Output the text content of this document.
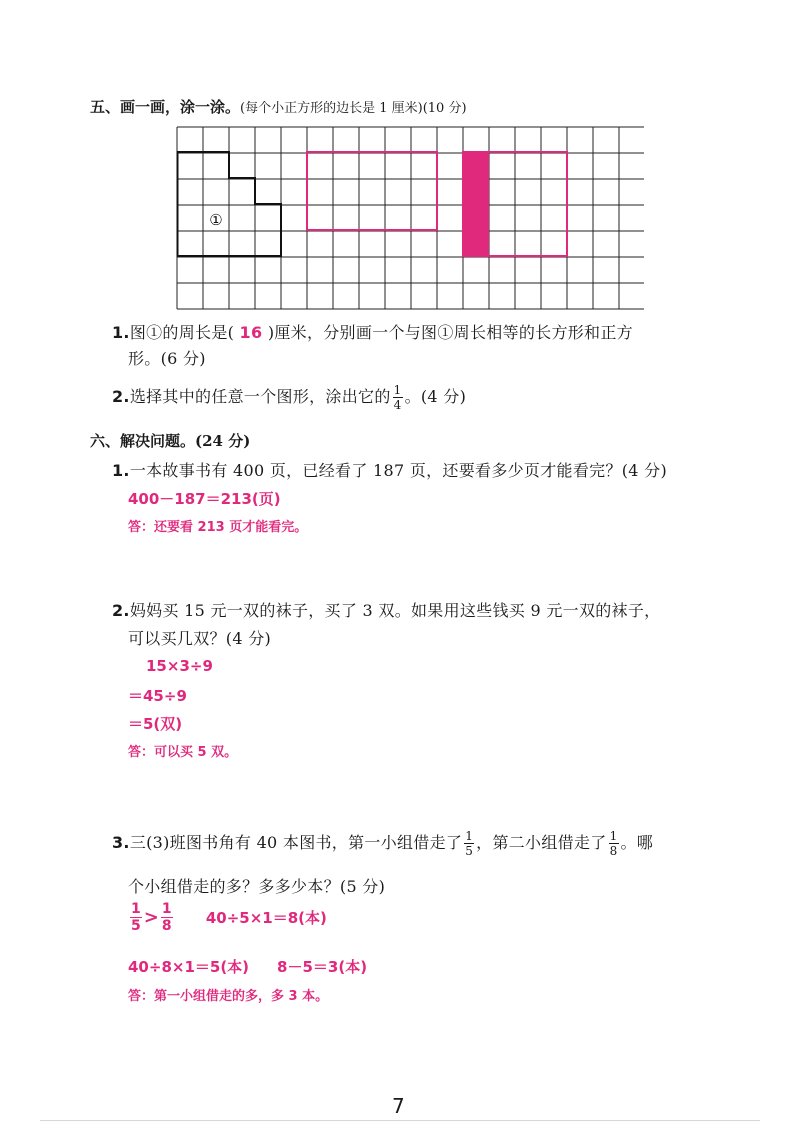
五、画一画，涂一涂。(每个小正方形的边长是 1 厘米)(10 分)
①
1.图①的周长是( 16 )厘米，分别画一个与图①周长相等的长方形和正方
形。(6 分)
2.选择其中的任意一个图形，涂出它的 $\frac{1}{4}$ 。(4 分)
六、解决问题。(24 分)
1.一本故事书有 400 页，已经看了 187 页，还要看多少页才能看完？(4 分)
400－187＝213(页)
答：还要看 213 页才能看完。
2.妈妈买 15 元一双的袜子，买了 3 双。如果用这些钱买 9 元一双的袜子，
可以买几双？(4 分)
15×3÷9
＝45÷9
＝5(双)
答：可以买 5 双。
3.三(3)班图书角有 40 本图书，第一小组借走了 $\frac{1}{5}$ ，第二小组借走了 $\frac{1}{8}$ 。哪
个小组借走的多？多多少本？(5 分)
$\frac{1}{5} > \frac{1}{8} 40\div 5\times 1=8$(本)
40÷8×1＝5(本) 8－5＝3(本)
答：第一小组借走的多，多 3 本。
7
